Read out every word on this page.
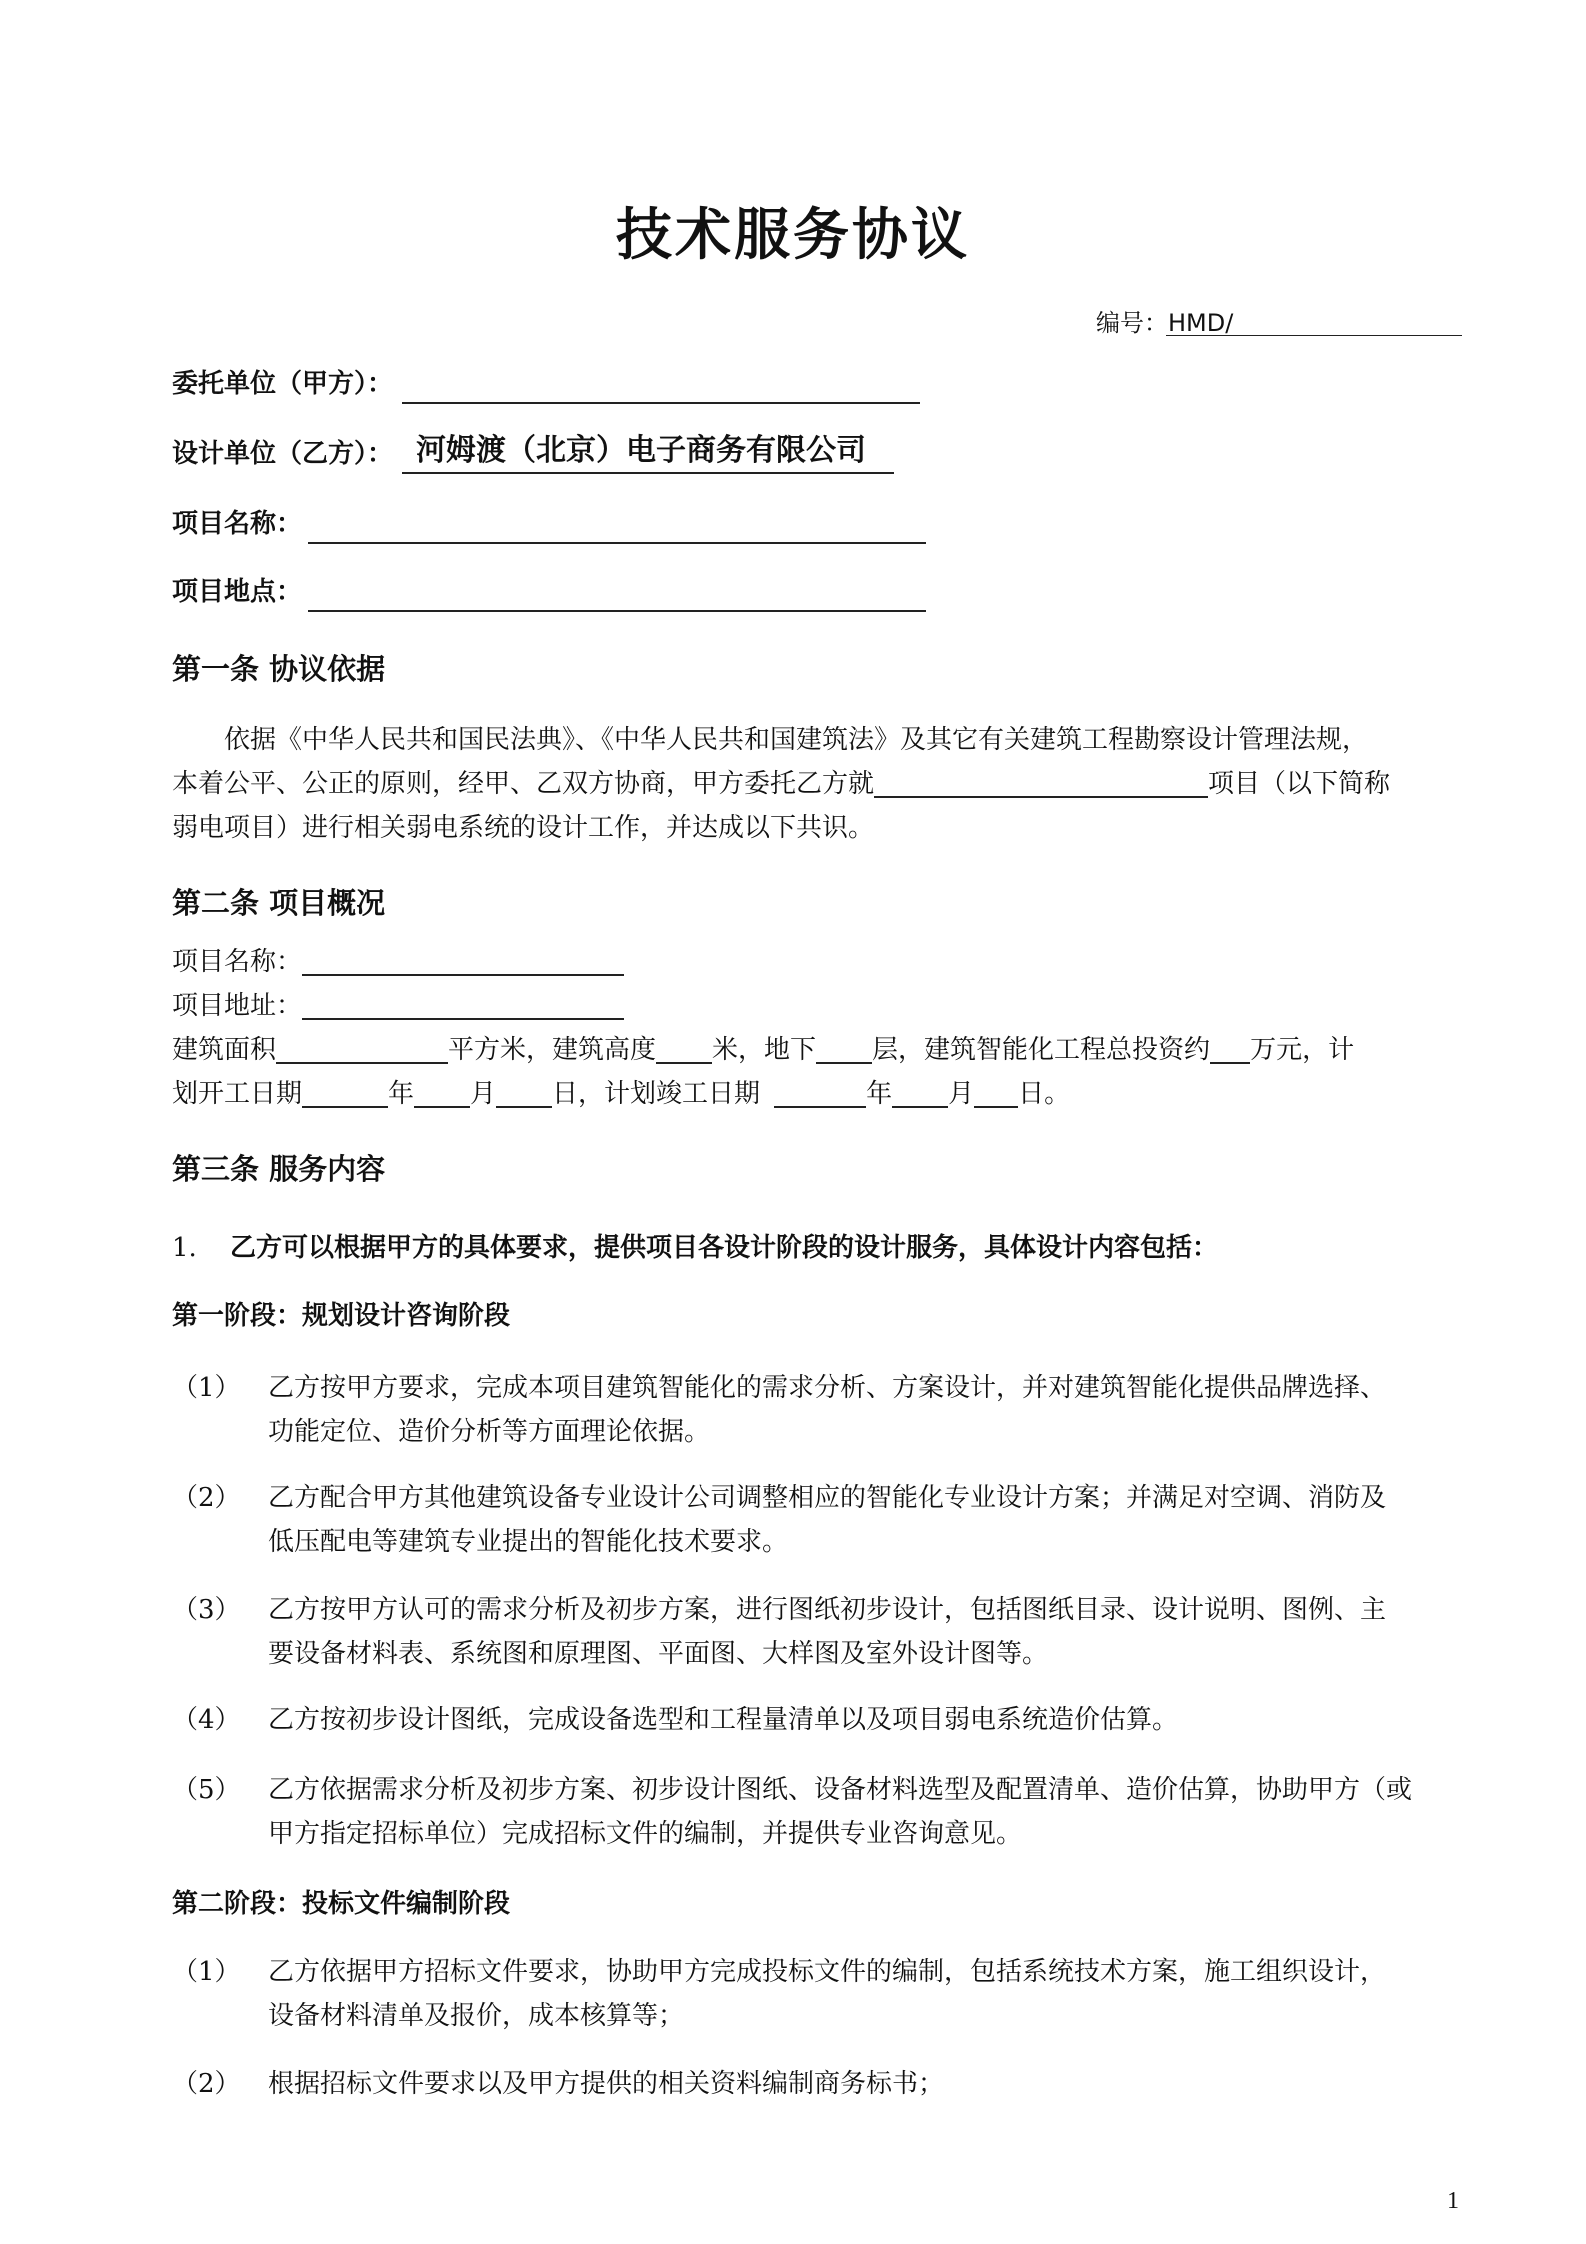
技术服务协议
编号：HMD/
委托单位（甲方）：
设计单位（乙方）： 河姆渡（北京）电子商务有限公司
项目名称：
项目地点：
第一条 协议依据
依据《中华人民共和国民法典》、《中华人民共和国建筑法》及其它有关建筑工程勘察设计管理法规，
本着公平、公正的原则，经甲、乙双方协商，甲方委托乙方就	项目（以下简称
弱电项目）进行相关弱电系统的设计工作，并达成以下共识。
第二条 项目概况
项目名称：
项目地址：
建筑面积	平方米，建筑高度 米，地下 层，建筑智能化工程总投资约 万元，计
划开工日期	年 月 日，计划竣工日期	年 月 日。
第三条 服务内容
1. 乙方可以根据甲方的具体要求，提供项目各设计阶段的设计服务，具体设计内容包括：
第一阶段：规划设计咨询阶段
（1） 乙方按甲方要求，完成本项目建筑智能化的需求分析、方案设计，并对建筑智能化提供品牌选择、
功能定位、造价分析等方面理论依据。
（2） 乙方配合甲方其他建筑设备专业设计公司调整相应的智能化专业设计方案；并满足对空调、消防及
低压配电等建筑专业提出的智能化技术要求。
（3） 乙方按甲方认可的需求分析及初步方案，进行图纸初步设计，包括图纸目录、设计说明、图例、主
要设备材料表、系统图和原理图、平面图、大样图及室外设计图等。
（4） 乙方按初步设计图纸，完成设备选型和工程量清单以及项目弱电系统造价估算。
（5） 乙方依据需求分析及初步方案、初步设计图纸、设备材料选型及配置清单、造价估算，协助甲方（或
甲方指定招标单位）完成招标文件的编制，并提供专业咨询意见。
第二阶段：投标文件编制阶段
（1） 乙方依据甲方招标文件要求，协助甲方完成投标文件的编制，包括系统技术方案，施工组织设计，
设备材料清单及报价，成本核算等；
（2） 根据招标文件要求以及甲方提供的相关资料编制商务标书；
1
